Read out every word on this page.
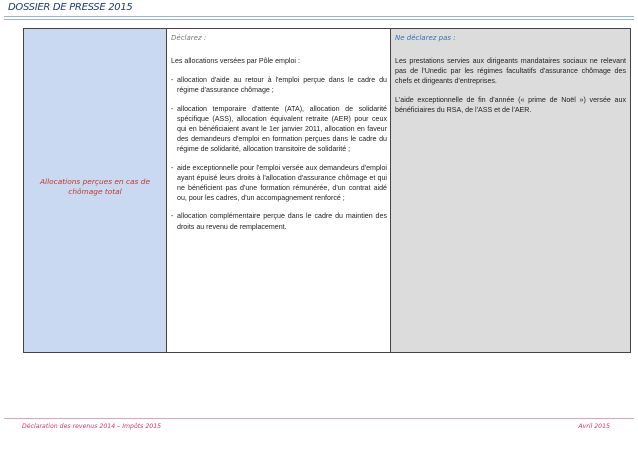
DOSSIER DE PRESSE 2015
Allocations perçues en cas de chômage total
Déclarez :
Les allocations versées par Pôle emploi :
- allocation d'aide au retour à l'emploi perçue dans le cadre du régime d'assurance chômage ;
- allocation temporaire d'attente (ATA), allocation de solidarité spécifique (ASS), allocation équivalent retraite (AER) pour ceux qui en bénéficiaient avant le 1er janvier 2011, allocation en faveur des demandeurs d'emploi en formation perçues dans le cadre du régime de solidarité, allocation transitoire de solidarité ;
- aide exceptionnelle pour l'emploi versée aux demandeurs d'emploi ayant épuisé leurs droits à l'allocation d'assurance chômage et qui ne bénéficient pas d'une formation rémunérée, d'un contrat aidé ou, pour les cadres, d'un accompagnement renforcé ;
- allocation complémentaire perçue dans le cadre du maintien des droits au revenu de remplacement.
Ne déclarez pas :
Les prestations servies aux dirigeants mandataires sociaux ne relevant pas de l'Unedic par les régimes facultatifs d'assurance chômage des chefs et dirigeants d'entreprises.
L'aide exceptionnelle de fin d'année (« prime de Noël ») versée aux bénéficiaires du RSA, de l'ASS et de l'AER.
Déclaration des revenus 2014 – Impôts 2015	Avril 2015
